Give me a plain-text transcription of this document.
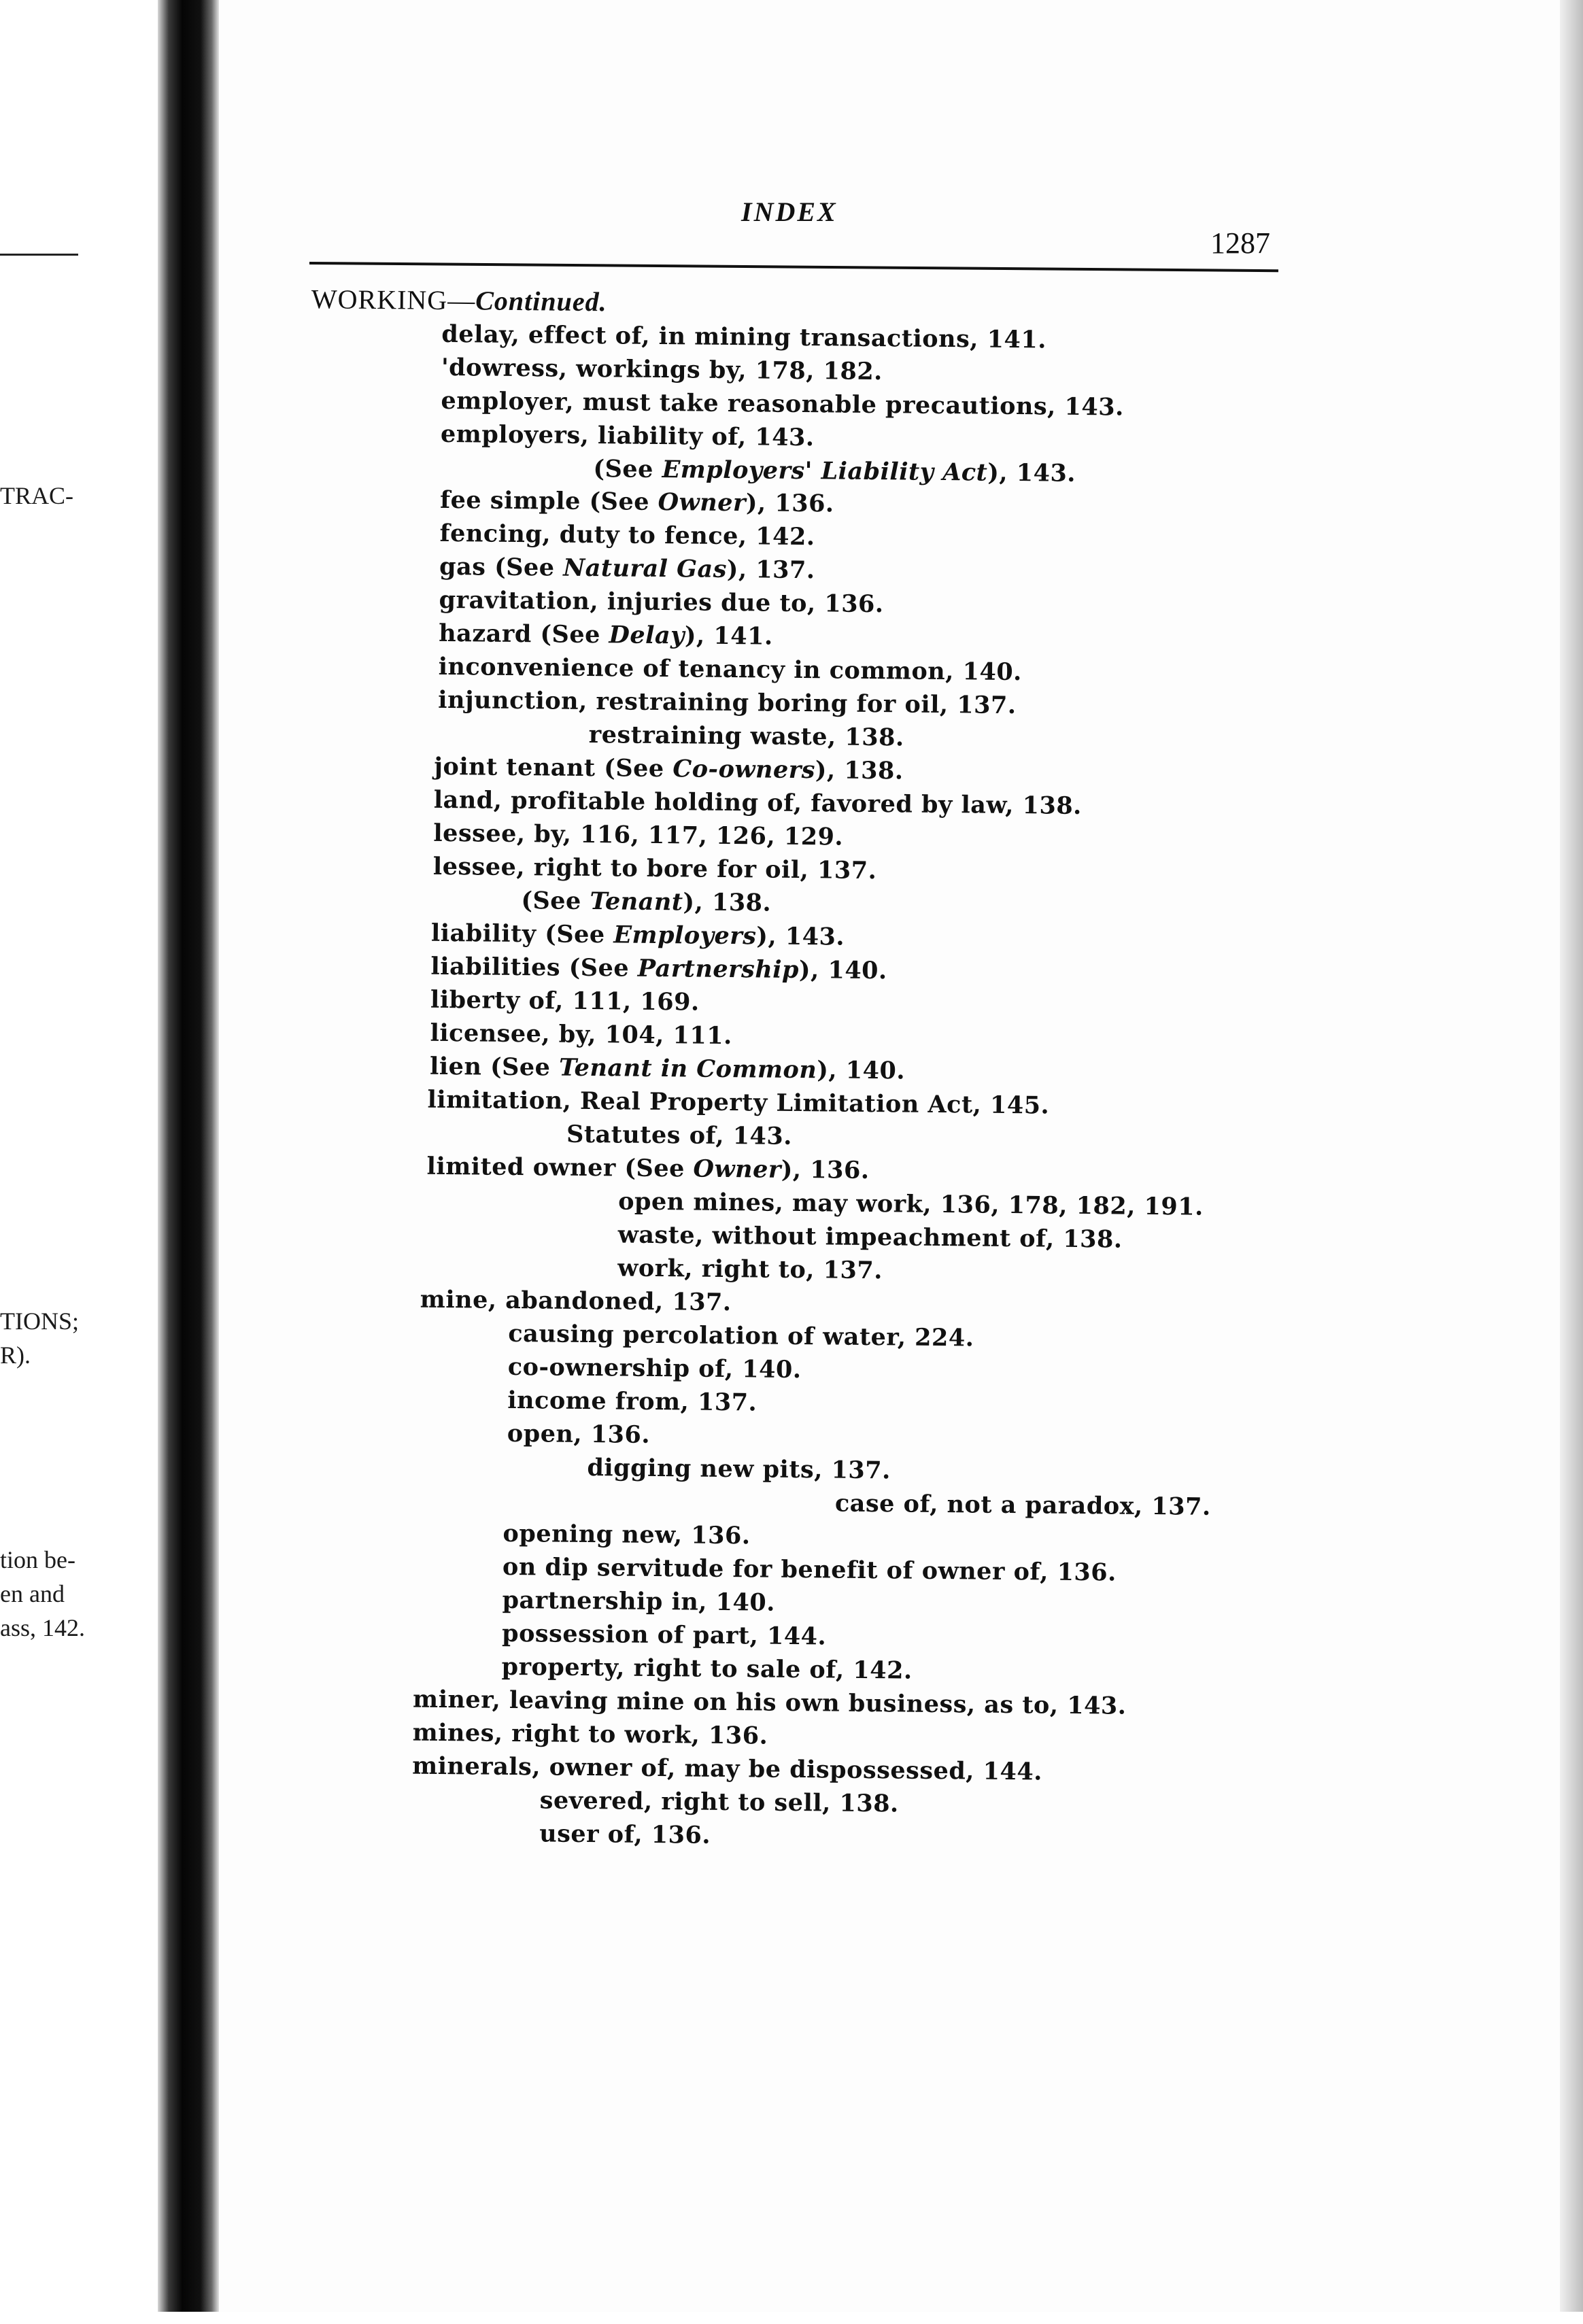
TRAC-
TIONS;
R).
tion be-
en and
ass, 142.
INDEX
1287
WORKING—Continued.
delay, effect of, in mining transactions, 141.
'dowress, workings by, 178, 182.
employer, must take reasonable precautions, 143.
employers, liability of, 143.
(See Employers' Liability Act), 143.
fee simple (See Owner), 136.
fencing, duty to fence, 142.
gas (See Natural Gas), 137.
gravitation, injuries due to, 136.
hazard (See Delay), 141.
inconvenience of tenancy in common, 140.
injunction, restraining boring for oil, 137.
restraining waste, 138.
joint tenant (See Co-owners), 138.
land, profitable holding of, favored by law, 138.
lessee, by, 116, 117, 126, 129.
lessee, right to bore for oil, 137.
(See Tenant), 138.
liability (See Employers), 143.
liabilities (See Partnership), 140.
liberty of, 111, 169.
licensee, by, 104, 111.
lien (See Tenant in Common), 140.
limitation, Real Property Limitation Act, 145.
Statutes of, 143.
limited owner (See Owner), 136.
open mines, may work, 136, 178, 182, 191.
waste, without impeachment of, 138.
work, right to, 137.
mine, abandoned, 137.
causing percolation of water, 224.
co-ownership of, 140.
income from, 137.
open, 136.
digging new pits, 137.
case of, not a paradox, 137.
opening new, 136.
on dip servitude for benefit of owner of, 136.
partnership in, 140.
possession of part, 144.
property, right to sale of, 142.
miner, leaving mine on his own business, as to, 143.
mines, right to work, 136.
minerals, owner of, may be dispossessed, 144.
severed, right to sell, 138.
user of, 136.
